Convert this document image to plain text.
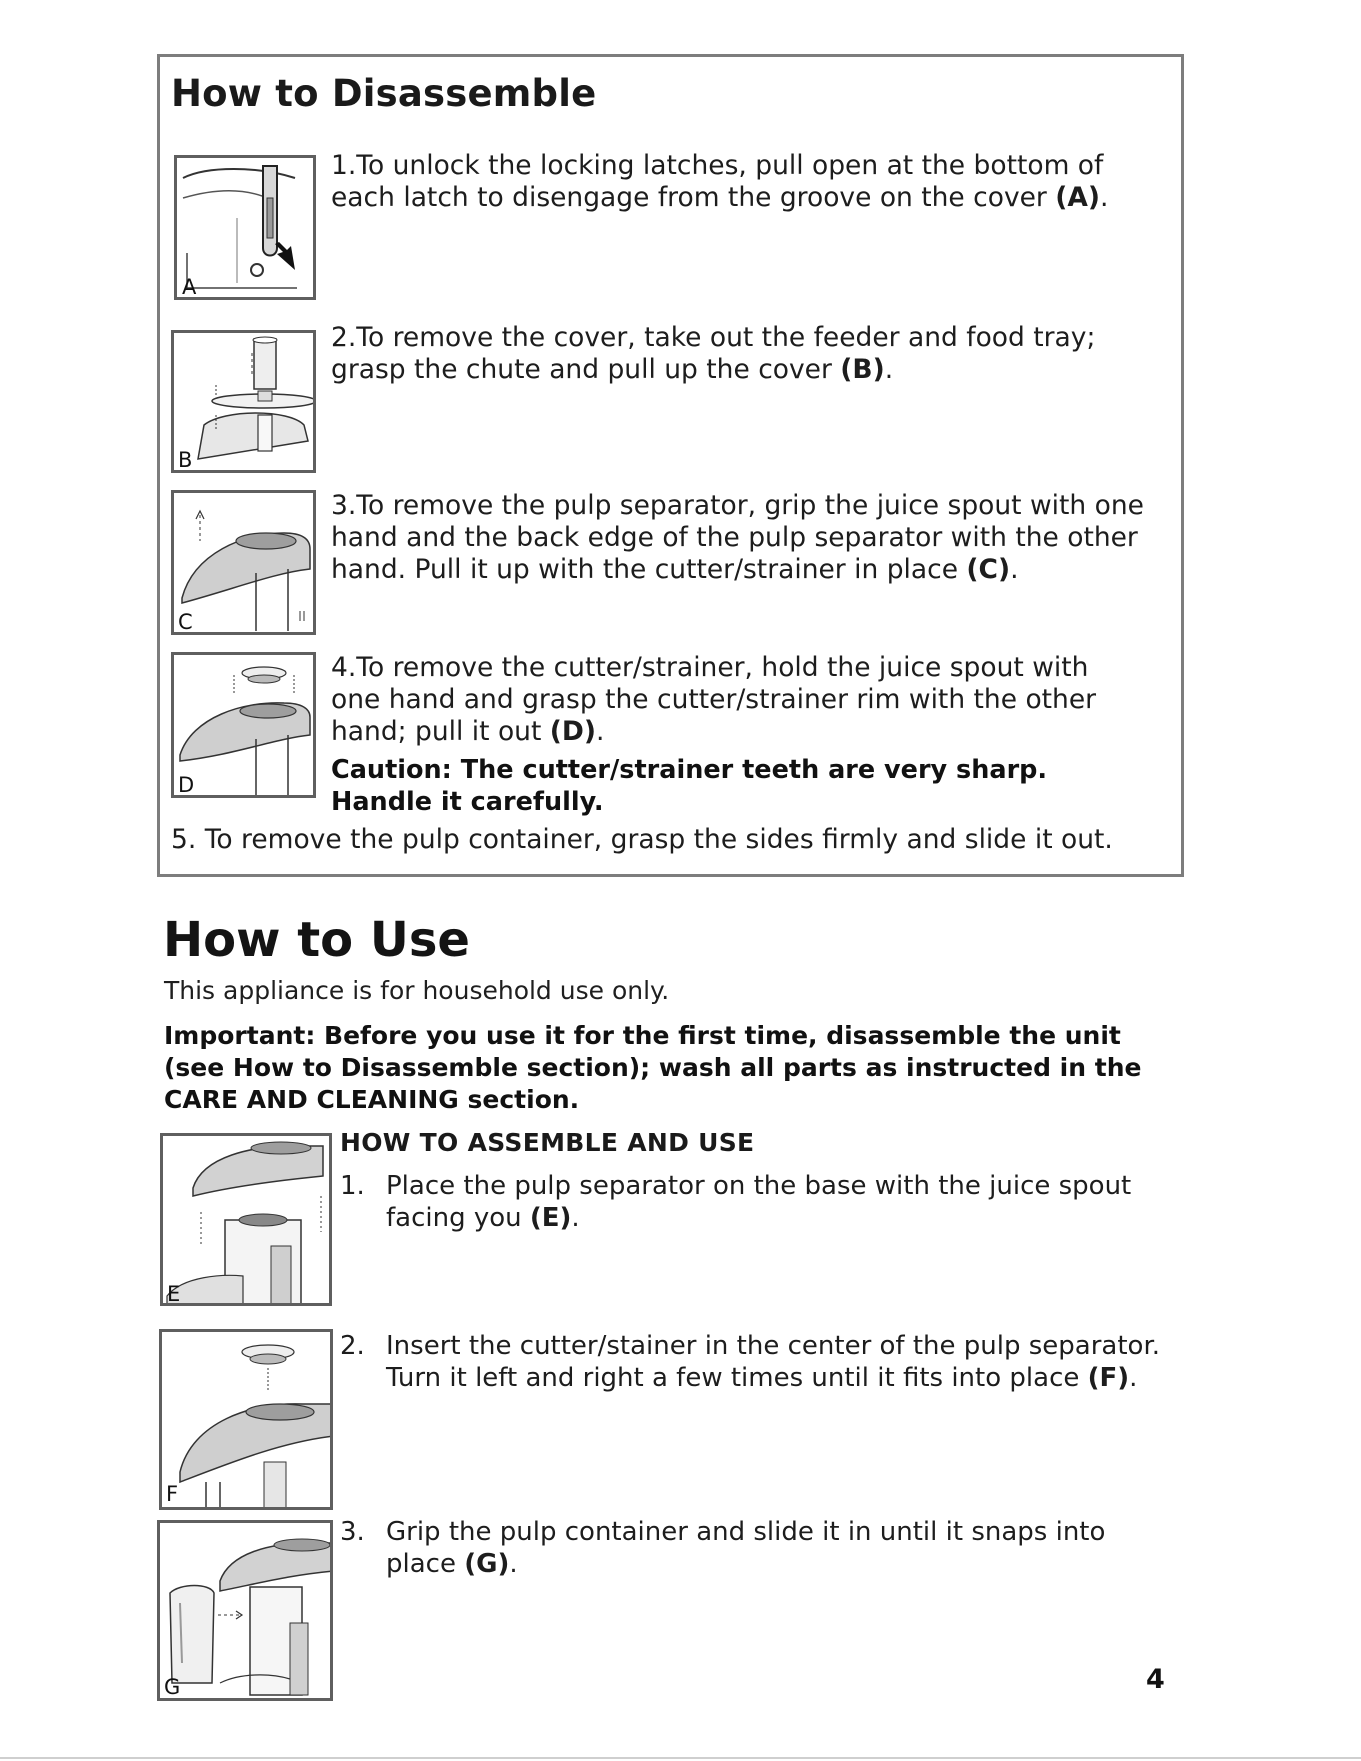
How to Disassemble
A
B
C
D

1.To unlock the locking latches, pull open at the bottom of each latch to disengage from the groove on the cover (A).

2.To remove the cover, take out the feeder and food tray; grasp the chute and pull up the cover (B).

3.To remove the pulp separator, grip the juice spout with one hand and the back edge of the pulp separator with the other hand. Pull it up with the cutter/strainer in place (C).

4.To remove the cutter/strainer, hold the juice spout with one hand and grasp the cutter/strainer rim with the other hand; pull it out (D).

Caution: The cutter/strainer teeth are very sharp. Handle it carefully.

5. To remove the pulp container, grasp the sides firmly and slide it out.

How to Use

This appliance is for household use only.

Important: Before you use it for the first time, disassemble the unit (see How to Disassemble section); wash all parts as instructed in the CARE AND CLEANING section.

HOW TO ASSEMBLE AND USE
E
F
G
1. Place the pulp separator on the base with the juice spout facing you (E).
2. Insert the cutter/stainer in the center of the pulp separator. Turn it left and right a few times until it fits into place (F).
3. Grip the pulp container and slide it in until it snaps into place (G).
4
